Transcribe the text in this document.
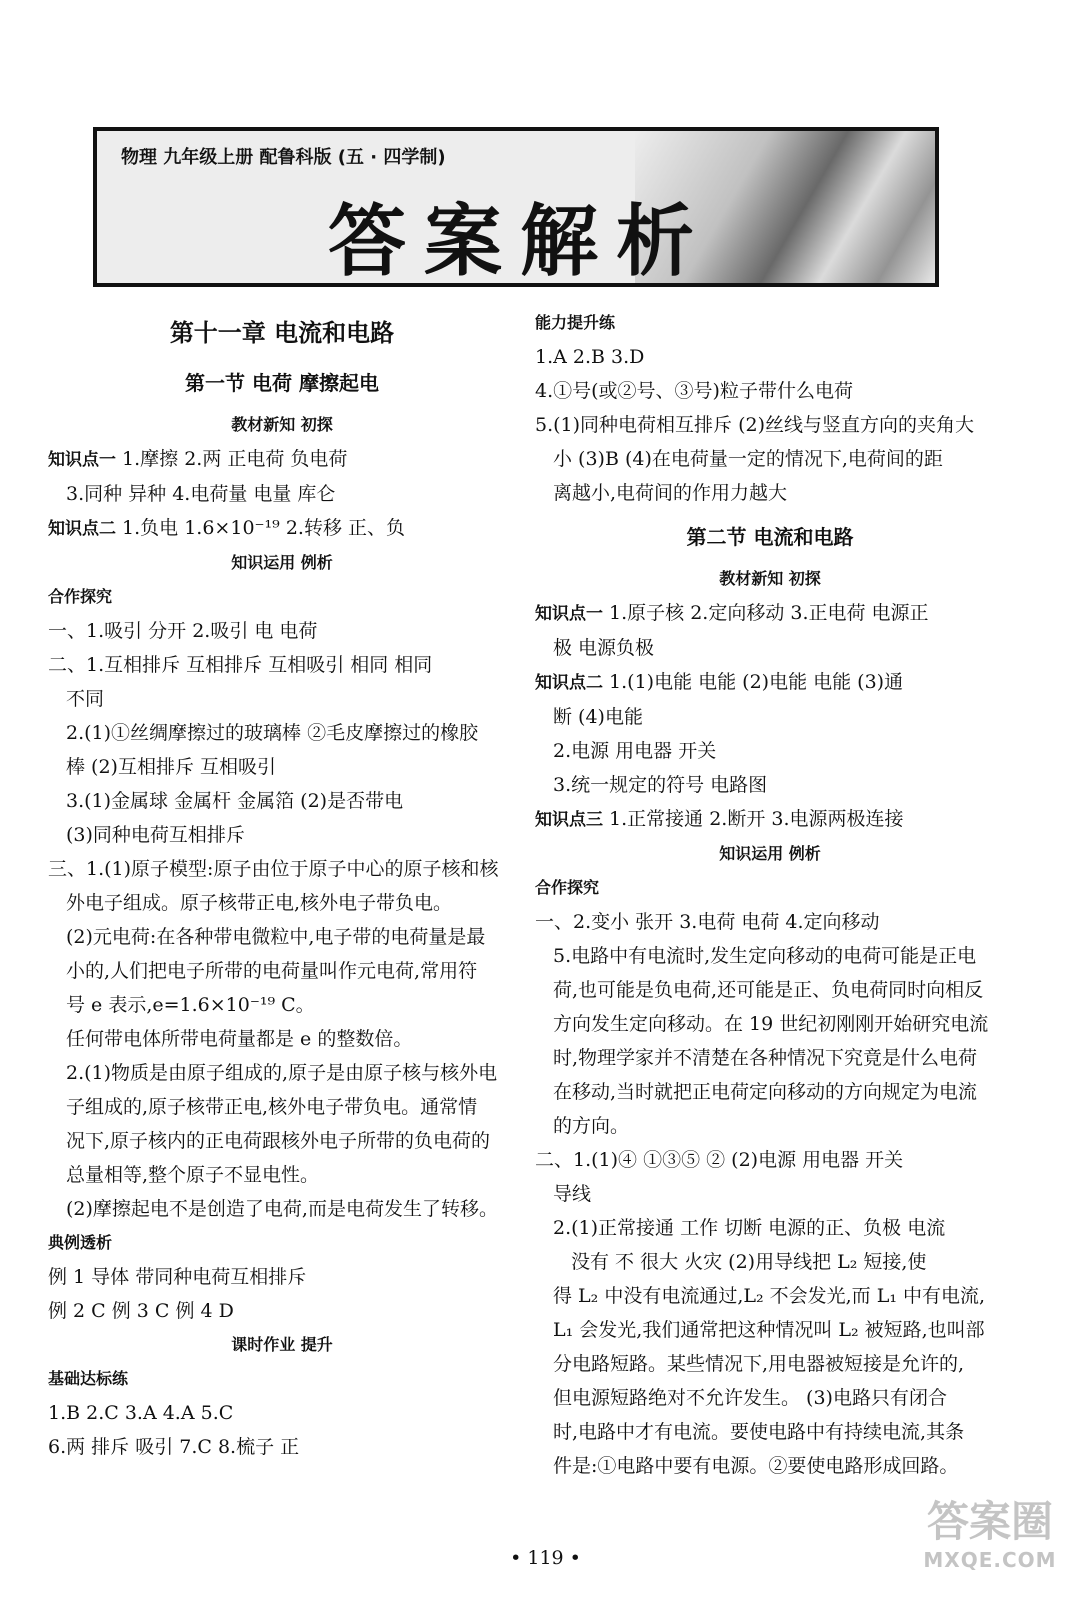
物理 九年级上册 配鲁科版 (五 · 四学制)
答案解析
第十一章 电流和电路
第一节 电荷 摩擦起电
教材新知 初探
知识点一 1.摩擦 2.两 正电荷 负电荷
3.同种 异种 4.电荷量 电量 库仑
知识点二 1.负电 1.6×10⁻¹⁹ 2.转移 正、负
知识运用 例析
合作探究
一、1.吸引 分开 2.吸引 电 电荷
二、1.互相排斥 互相排斥 互相吸引 相同 相同
不同
2.(1)①丝绸摩擦过的玻璃棒 ②毛皮摩擦过的橡胶
棒 (2)互相排斥 互相吸引
3.(1)金属球 金属杆 金属箔 (2)是否带电
(3)同种电荷互相排斥
三、1.(1)原子模型:原子由位于原子中心的原子核和核
外电子组成。原子核带正电,核外电子带负电。
(2)元电荷:在各种带电微粒中,电子带的电荷量是最
小的,人们把电子所带的电荷量叫作元电荷,常用符
号 e 表示,e=1.6×10⁻¹⁹ C。
任何带电体所带电荷量都是 e 的整数倍。
2.(1)物质是由原子组成的,原子是由原子核与核外电
子组成的,原子核带正电,核外电子带负电。通常情
况下,原子核内的正电荷跟核外电子所带的负电荷的
总量相等,整个原子不显电性。
(2)摩擦起电不是创造了电荷,而是电荷发生了转移。
典例透析
例 1 导体 带同种电荷互相排斥
例 2 C 例 3 C 例 4 D
课时作业 提升
基础达标练
1.B 2.C 3.A 4.A 5.C
6.两 排斥 吸引 7.C 8.梳子 正
能力提升练
1.A 2.B 3.D
4.①号(或②号、③号)粒子带什么电荷
5.(1)同种电荷相互排斥 (2)丝线与竖直方向的夹角大
小 (3)B (4)在电荷量一定的情况下,电荷间的距
离越小,电荷间的作用力越大
第二节 电流和电路
教材新知 初探
知识点一 1.原子核 2.定向移动 3.正电荷 电源正
极 电源负极
知识点二 1.(1)电能 电能 (2)电能 电能 (3)通
断 (4)电能
2.电源 用电器 开关
3.统一规定的符号 电路图
知识点三 1.正常接通 2.断开 3.电源两极连接
知识运用 例析
合作探究
一、2.变小 张开 3.电荷 电荷 4.定向移动
5.电路中有电流时,发生定向移动的电荷可能是正电
荷,也可能是负电荷,还可能是正、负电荷同时向相反
方向发生定向移动。在 19 世纪初刚刚开始研究电流
时,物理学家并不清楚在各种情况下究竟是什么电荷
在移动,当时就把正电荷定向移动的方向规定为电流
的方向。
二、1.(1)④ ①③⑤ ② (2)电源 用电器 开关
导线
2.(1)正常接通 工作 切断 电源的正、负极 电流
没有 不 很大 火灾 (2)用导线把 L₂ 短接,使
得 L₂ 中没有电流通过,L₂ 不会发光,而 L₁ 中有电流,
L₁ 会发光,我们通常把这种情况叫 L₂ 被短路,也叫部
分电路短路。某些情况下,用电器被短接是允许的,
但电源短路绝对不允许发生。 (3)电路只有闭合
时,电路中才有电流。要使电路中有持续电流,其条
件是:①电路中要有电源。②要使电路形成回路。
• 119 •
答案圈
MXQE.COM
